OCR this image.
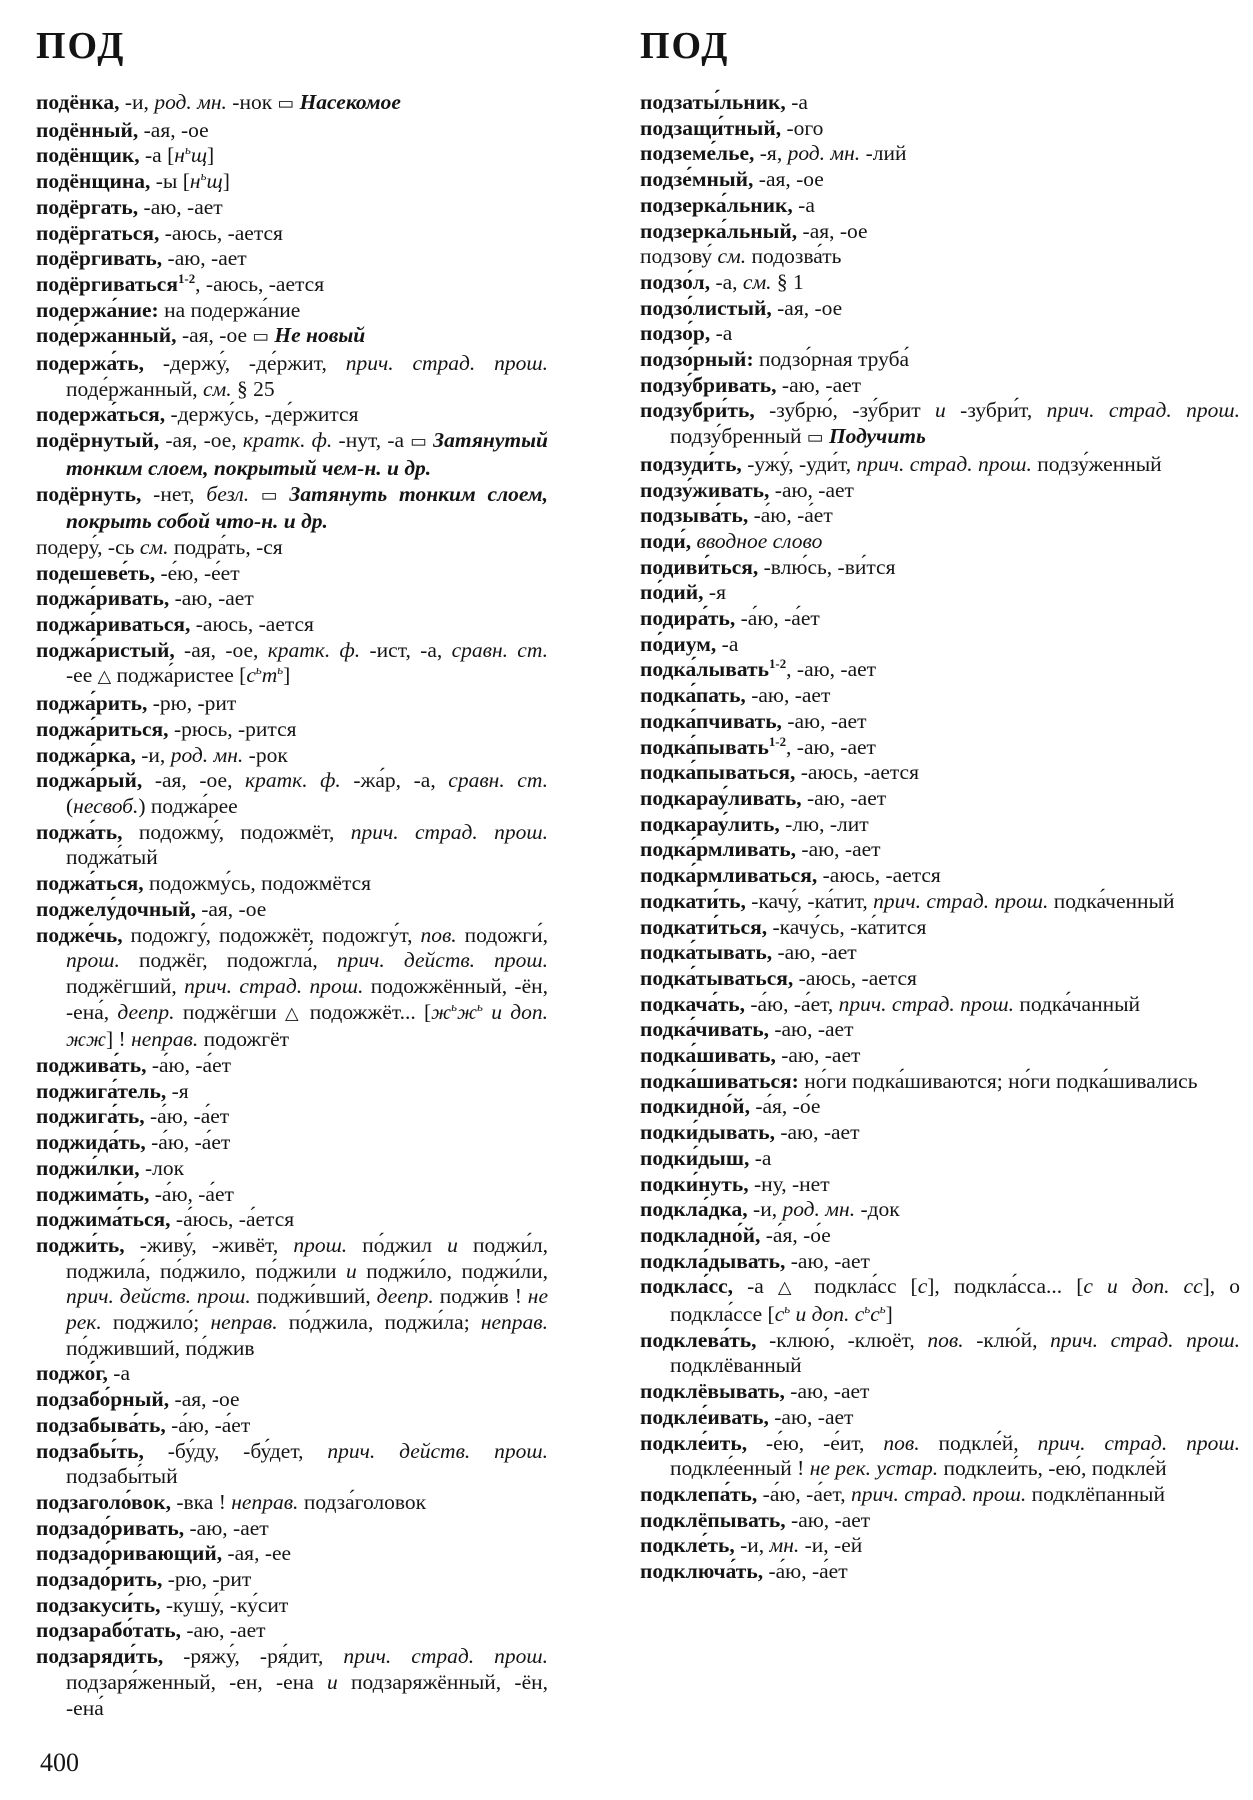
ПОД

подёнка, -и, род. мн. -нок ▭ Насекомое

подённый, -ая, -ое

подёнщик, -а $[н^ьщ]$

подёнщина, -ы $[н^ьщ]$

подёргать, -аю, -ает

подёргаться, -аюсь, -ается

подёргивать, -аю, -ает

подёргиваться$^{1-2}$, -аюсь, -ается

подержа́ние: на подержа́ние

поде́ржанный, -ая, -ое ▭ Не новый

подержа́ть, -держу́, -де́ржит, прич. страд. прош. поде́ржанный, см. § 25

подержа́ться, -держу́сь, -де́ржится

подёрнутый, -ая, -ое, кратк. ф. -нут, -а ▭ Затянутый тонким слоем, покрытый чем-н. и др.

подёрнуть, -нет, безл. ▭ Затянуть тонким слоем, покрыть собой что-н. и др.

подеру́, -сь см. подра́ть, -ся

подешеве́ть, -е́ю, -е́ет

поджа́ривать, -аю, -ает

поджа́риваться, -аюсь, -ается

поджа́ристый, -ая, -ое, кратк. ф. -ист, -а, сравн. ст. -ее △ поджа́ристее $[с^ьт^ь]$

поджа́рить, -рю, -рит

поджа́риться, -рюсь, -рится

поджа́рка, -и, род. мн. -рок

поджа́рый, -ая, -ое, кратк. ф. -жа́р, -а, сравн. ст. (несвоб.) поджа́рее

поджа́ть, подожму́, подожмёт, прич. страд. прош. поджа́тый

поджа́ться, подожму́сь, подожмётся

поджелу́дочный, -ая, -ое

подже́чь, подожгу́, подожжёт, подожгу́т, пов. подожги́, прош. поджёг, подожгла́, прич. действ. прош. поджёгший, прич. страд. прош. подожжённый, -ён, -ена́, деепр. поджёгши △ подожжёт... [$ж^ьж^ь$ и доп. жж] ! неправ. подожгёт

поджива́ть, -а́ю, -а́ет

поджига́тель, -я

поджига́ть, -а́ю, -а́ет

поджида́ть, -а́ю, -а́ет

поджи́лки, -лок

поджима́ть, -а́ю, -а́ет

поджима́ться, -а́юсь, -а́ется

поджи́ть, -живу́, -живёт, прош. по́джил и поджи́л, поджила́, по́джило, по́джили и поджи́ло, поджи́ли, прич. действ. прош. поджи́вший, деепр. поджи́в ! не рек. поджило́; неправ. по́джила, поджи́ла; неправ. по́дживший, по́джив

поджо́г, -а

подзабо́рный, -ая, -ое

подзабыва́ть, -а́ю, -а́ет

подзабы́ть, -бу́ду, -бу́дет, прич. действ. прош. подзабы́тый

подзаголо́вок, -вка ! неправ. подза́головок

подзадо́ривать, -аю, -ает

подзадо́ривающий, -ая, -ее

подзадо́рить, -рю, -рит

подзакуси́ть, -кушу́, -ку́сит

подзарабо́тать, -аю, -ает

подзаряди́ть, -ряжу́, -ря́дит, прич. страд. прош. подзаря́женный, -ен, -ена и подзаряжённый, -ён, -ена́

ПОД

подзаты́льник, -а

подзащи́тный, -ого

подземе́лье, -я, род. мн. -лий

подзе́мный, -ая, -ое

подзерка́льник, -а

подзерка́льный, -ая, -ое

подзову́ см. подозва́ть

подзо́л, -а, см. § 1

подзо́листый, -ая, -ое

подзо́р, -а

подзо́рный: подзо́рная труба́

подзу́бривать, -аю, -ает

подзубри́ть, -зубрю́, -зу́брит и -зубри́т, прич. страд. прош. подзу́бренный ▭ Подучить

подзуди́ть, -ужу́, -уди́т, прич. страд. прош. подзу́женный

подзу́живать, -аю, -ает

подзыва́ть, -а́ю, -а́ет

поди́, вводное слово

подиви́ться, -влю́сь, -ви́тся

по́дий, -я

подира́ть, -а́ю, -а́ет

по́диум, -а

подка́лывать$^{1-2}$, -аю, -ает

подка́пать, -аю, -ает

подка́пчивать, -аю, -ает

подка́пывать$^{1-2}$, -аю, -ает

подка́пываться, -аюсь, -ается

подкарау́ливать, -аю, -ает

подкарау́лить, -лю, -лит

подка́рмливать, -аю, -ает

подка́рмливаться, -аюсь, -ается

подкати́ть, -качу́, -ка́тит, прич. страд. прош. подка́ченный

подкати́ться, -качу́сь, -ка́тится

подка́тывать, -аю, -ает

подка́тываться, -аюсь, -ается

подкача́ть, -а́ю, -а́ет, прич. страд. прош. подка́чанный

подка́чивать, -аю, -ает

подка́шивать, -аю, -ает

подка́шиваться: но́ги подка́шиваются; но́ги подка́шивались

подкидно́й, -а́я, -о́е

подки́дывать, -аю, -ает

подки́дыш, -а

подки́нуть, -ну, -нет

подкла́дка, -и, род. мн. -док

подкладно́й, -а́я, -о́е

подкла́дывать, -аю, -ает

подкла́сс, -а △ подкла́сс [с], подкла́сса... [с и доп. сс], о подкла́ссе [$с^ь$ и доп. $с^ьс^ь$]

подклева́ть, -клюю́, -клюёт, пов. -клю́й, прич. страд. прош. подклёванный

подклёвывать, -аю, -ает

подкле́ивать, -аю, -ает

подкле́ить, -е́ю, -е́ит, пов. подкле́й, прич. страд. прош. подкле́енный ! не рек. устар. подклеи́ть, -ею́, подкле́й

подклепа́ть, -а́ю, -а́ет, прич. страд. прош. подклёпанный

подклёпывать, -аю, -ает

подкле́ть, -и, мн. -и, -ей

подключа́ть, -а́ю, -а́ет

400
